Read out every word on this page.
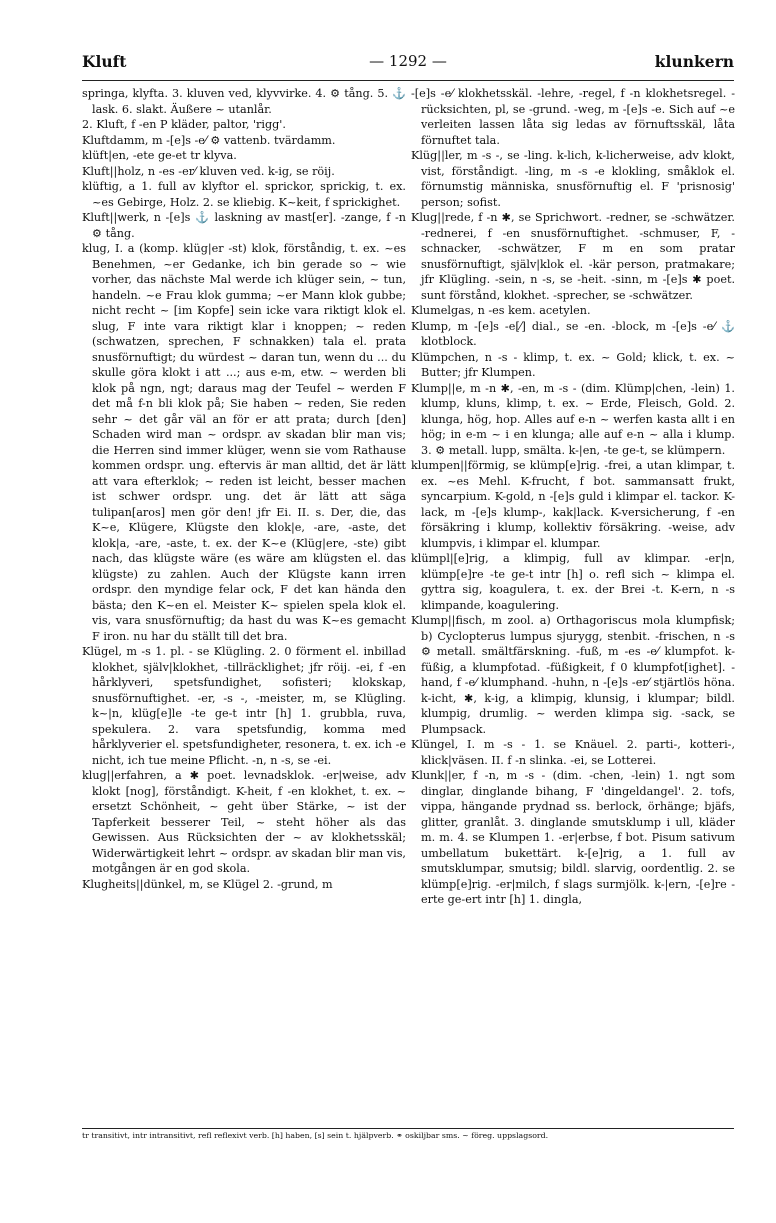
Kluft	— 1292 —	klunkern

springa, klyfta. 3. kluven ved, klyvvirke. 4. ⚙ tång. 5. ⚓ lask. 6. slakt. Äußere ~ utanlår.

2. Kluft, f -en P kläder, paltor, 'rigg'.

Kluftdamm, m -[e]s -e⁄ ⚙ vattenb. tvärdamm.

klüft|en, -ete ge-et tr klyva.

Kluft||holz, n -es -er⁄ kluven ved. k-ig, se röij.

klüftig, a 1. full av klyftor el. sprickor, sprickig, t. ex. ~es Gebirge, Holz. 2. se kliebig. K~keit, f sprickighet.

Kluft||werk, n -[e]s ⚓ laskning av mast[er]. -zange, f -n ⚙ tång.

klug, I. a (komp. klüg|er -st) klok, förståndig, t. ex. ~es Benehmen, ~er Gedanke, ich bin gerade so ~ wie vorher, das nächste Mal werde ich klüger sein, ~ tun, handeln. ~e Frau klok gumma; ~er Mann klok gubbe; nicht recht ~ [im Kopfe] sein icke vara riktigt klok el. slug, F inte vara riktigt klar i knoppen; ~ reden (schwatzen, sprechen, F schnakken) tala el. prata snusförnuftigt; du würdest ~ daran tun, wenn du ... du skulle göra klokt i att ...; aus e-m, etw. ~ werden bli klok på ngn, ngt; daraus mag der Teufel ~ werden F det må f-n bli klok på; Sie haben ~ reden, Sie reden sehr ~ det går väl an för er att prata; durch [den] Schaden wird man ~ ordspr. av skadan blir man vis; die Herren sind immer klüger, wenn sie vom Rathause kommen ordspr. ung. eftervis är man alltid, det är lätt att vara efterklok; ~ reden ist leicht, besser machen ist schwer ordspr. ung. det är lätt att säga tulipan[aros] men gör den! jfr Ei. II. s. Der, die, das K~e, Klügere, Klügste den klok|e, -are, -aste, det klok|a, -are, -aste, t. ex. der K~e (Klüg|ere, -ste) gibt nach, das klügste wäre (es wäre am klügsten el. das klügste) zu zahlen. Auch der Klügste kann irren ordspr. den myndige felar ock, F det kan hända den bästa; den K~en el. Meister K~ spielen spela klok el. vis, vara snusförnuftig; da hast du was K~es gemacht F iron. nu har du ställt till det bra.

Klügel, m -s 1. pl. - se Klügling. 2. 0 förment el. inbillad klokhet, själv|klokhet, -tillräcklighet; jfr röij. -ei, f -en hårklyveri, spetsfundighet, sofisteri; klokskap, snusförnuftighet. -er, -s -, -meister, m, se Klügling. k~|n, klüg[e]le -te ge-t intr [h] 1. grubbla, ruva, spekulera. 2. vara spetsfundig, komma med hårklyverier el. spetsfundigheter, resonera, t. ex. ich -e nicht, ich tue meine Pflicht. -n, n -s, se -ei.

klug||erfahren, a ✱ poet. levnadsklok. -er|weise, adv klokt [nog], förståndigt. K-heit, f -en klokhet, t. ex. ~ ersetzt Schönheit, ~ geht über Stärke, ~ ist der Tapferkeit besserer Teil, ~ steht höher als das Gewissen. Aus Rücksichten der ~ av klokhetsskäl; Widerwärtigkeit lehrt ~ ordspr. av skadan blir man vis, motgången är en god skola.

Klugheits||dünkel, m, se Klügel 2. -grund, m

-[e]s -e⁄ klokhetsskäl. -lehre, -regel, f -n klokhetsregel. -rücksichten, pl, se -grund. -weg, m -[e]s -e. Sich auf ~e verleiten lassen låta sig ledas av förnuftsskäl, låta förnuftet tala.

Klüg||ler, m -s -, se -ling. k-lich, k-licherweise, adv klokt, vist, förståndigt. -ling, m -s -e klokling, småklok el. förnumstig människa, snusförnuftig el. F 'prisnosig' person; sofist.

Klug||rede, f -n ✱, se Sprichwort. -redner, se -schwätzer. -rednerei, f -en snusförnuftighet. -schmuser, F, -schnacker, -schwätzer, F m en som pratar snusförnuftigt, själv|klok el. -kär person, pratmakare; jfr Klügling. -sein, n -s, se -heit. -sinn, m -[e]s ✱ poet. sunt förstånd, klokhet. -sprecher, se -schwätzer.

Klumelgas, n -es kem. acetylen.

Klump, m -[e]s -e[⁄] dial., se -en. -block, m -[e]s -e⁄ ⚓ klotblock.

Klümpchen, n -s - klimp, t. ex. ~ Gold; klick, t. ex. ~ Butter; jfr Klumpen.

Klump||e, m -n ✱, -en, m -s - (dim. Klümp|chen, -lein) 1. klump, kluns, klimp, t. ex. ~ Erde, Fleisch, Gold. 2. klunga, hög, hop. Alles auf e-n ~ werfen kasta allt i en hög; in e-m ~ i en klunga; alle auf e-n ~ alla i klump. 3. ⚙ metall. lupp, smälta. k-|en, -te ge-t, se klümpern.

klumpen||förmig, se klümp[e]rig. -frei, a utan klimpar, t. ex. ~es Mehl. K-frucht, f bot. sammansatt frukt, syncarpium. K-gold, n -[e]s guld i klimpar el. tackor. K-lack, m -[e]s klump-, kak|lack. K-versicherung, f -en försäkring i klump, kollektiv försäkring. -weise, adv klumpvis, i klimpar el. klumpar.

klümpl|[e]rig, a klimpig, full av klimpar. -er|n, klümp[e]re -te ge-t intr [h] o. refl sich ~ klimpa el. gyttra sig, koagulera, t. ex. der Brei -t. K-ern, n -s klimpande, koagulering.

Klump||fisch, m zool. a) Orthagoriscus mola klumpfisk; b) Cyclopterus lumpus sjurygg, stenbit. -frischen, n -s ⚙ metall. smältfärskning. -fuß, m -es -e⁄ klumpfot. k-füßig, a klumpfotad. -füßigkeit, f 0 klumpfot[ighet]. -hand, f -e⁄ klumphand. -huhn, n -[e]s -er⁄ stjärtlös höna. k-icht, ✱, k-ig, a klimpig, klunsig, i klumpar; bildl. klumpig, drumlig. ~ werden klimpa sig. -sack, se Plumpsack.

Klüngel, I. m -s - 1. se Knäuel. 2. parti-, kotteri-, klick|väsen. II. f -n slinka. -ei, se Lotterei.

Klunk||er, f -n, m -s - (dim. -chen, -lein) 1. ngt som dinglar, dinglande bihang, F 'dingeldangel'. 2. tofs, vippa, hängande prydnad ss. berlock, örhänge; bjäfs, glitter, granlåt. 3. dinglande smutsklump i ull, kläder m. m. 4. se Klumpen 1. -er|erbse, f bot. Pisum sativum umbellatum bukettärt. k-[e]rig, a 1. full av smutsklumpar, smutsig; bildl. slarvig, oordentlig. 2. se klümp[e]rig. -er|milch, f slags surmjölk. k-|ern, -[e]re -erte ge-ert intr [h] 1. dingla,

tr transitivt, intr intransitivt, refl reflexivt verb. [h] haben, [s] sein t. hjälpverb. ⚭ oskiljbar sms. ~ föreg. uppslagsord.
